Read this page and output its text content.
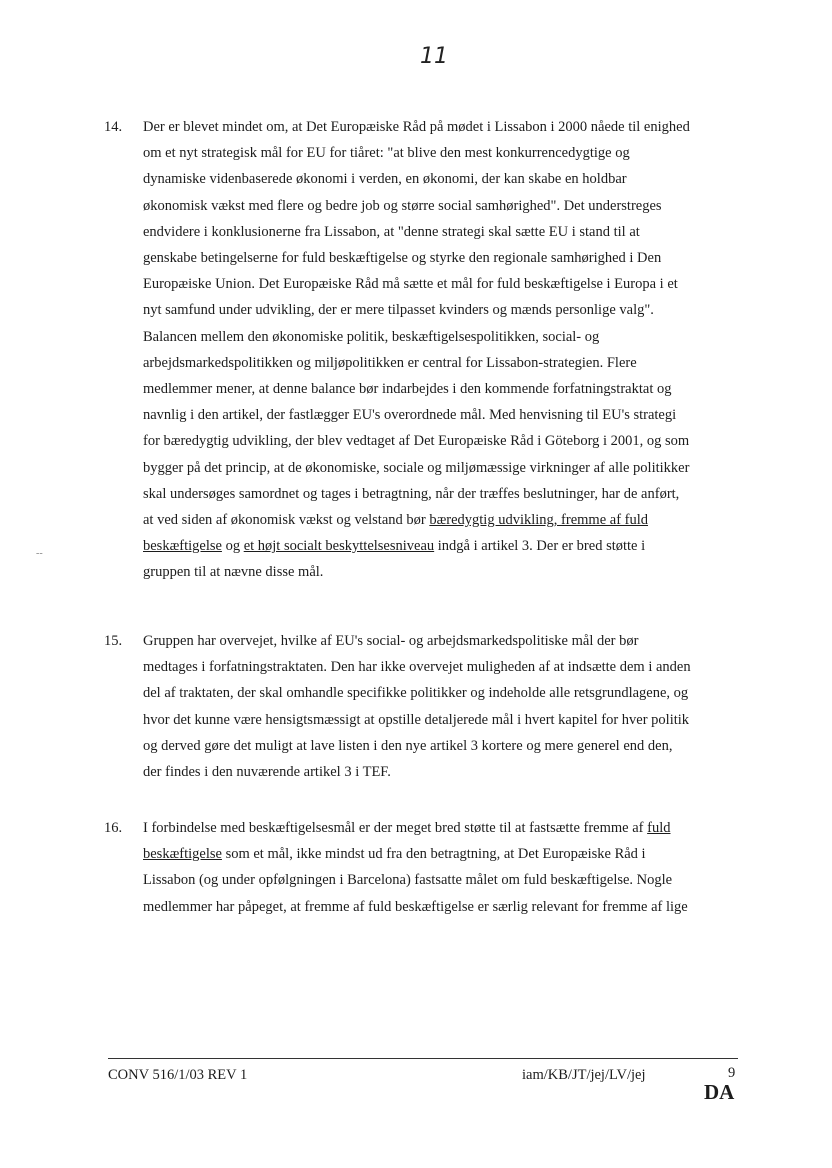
11
--
14. Der er blevet mindet om, at Det Europæiske Råd på mødet i Lissabon i 2000 nåede til enighed
om et nyt strategisk mål for EU for tiåret: "at blive den mest konkurrencedygtige og
dynamiske videnbaserede økonomi i verden, en økonomi, der kan skabe en holdbar
økonomisk vækst med flere og bedre job og større social samhørighed". Det understreges
endvidere i konklusionerne fra Lissabon, at "denne strategi skal sætte EU i stand til at
genskabe betingelserne for fuld beskæftigelse og styrke den regionale samhørighed i Den
Europæiske Union. Det Europæiske Råd må sætte et mål for fuld beskæftigelse i Europa i et
nyt samfund under udvikling, der er mere tilpasset kvinders og mænds personlige valg".
Balancen mellem den økonomiske politik, beskæftigelsespolitikken, social- og
arbejdsmarkedspolitikken og miljøpolitikken er central for Lissabon-strategien. Flere
medlemmer mener, at denne balance bør indarbejdes i den kommende forfatningstraktat og
navnlig i den artikel, der fastlægger EU's overordnede mål. Med henvisning til EU's strategi
for bæredygtig udvikling, der blev vedtaget af Det Europæiske Råd i Göteborg i 2001, og som
bygger på det princip, at de økonomiske, sociale og miljømæssige virkninger af alle politikker
skal undersøges samordnet og tages i betragtning, når der træffes beslutninger, har de anført,
at ved siden af økonomisk vækst og velstand bør bæredygtig udvikling, fremme af fuld
beskæftigelse og et højt socialt beskyttelsesniveau indgå i artikel 3. Der er bred støtte i
gruppen til at nævne disse mål.
15. Gruppen har overvejet, hvilke af EU's social- og arbejdsmarkedspolitiske mål der bør
medtages i forfatningstraktaten. Den har ikke overvejet muligheden af at indsætte dem i anden
del af traktaten, der skal omhandle specifikke politikker og indeholde alle retsgrundlagene, og
hvor det kunne være hensigtsmæssigt at opstille detaljerede mål i hvert kapitel for hver politik
og derved gøre det muligt at lave listen i den nye artikel 3 kortere og mere generel end den,
der findes i den nuværende artikel 3 i TEF.
16. I forbindelse med beskæftigelsesmål er der meget bred støtte til at fastsætte fremme af fuld
beskæftigelse som et mål, ikke mindst ud fra den betragtning, at Det Europæiske Råd i
Lissabon (og under opfølgningen i Barcelona) fastsatte målet om fuld beskæftigelse. Nogle
medlemmer har påpeget, at fremme af fuld beskæftigelse er særlig relevant for fremme af lige
CONV 516/1/03 REV 1	iam/KB/JT/jej/LV/jej	9
DA
